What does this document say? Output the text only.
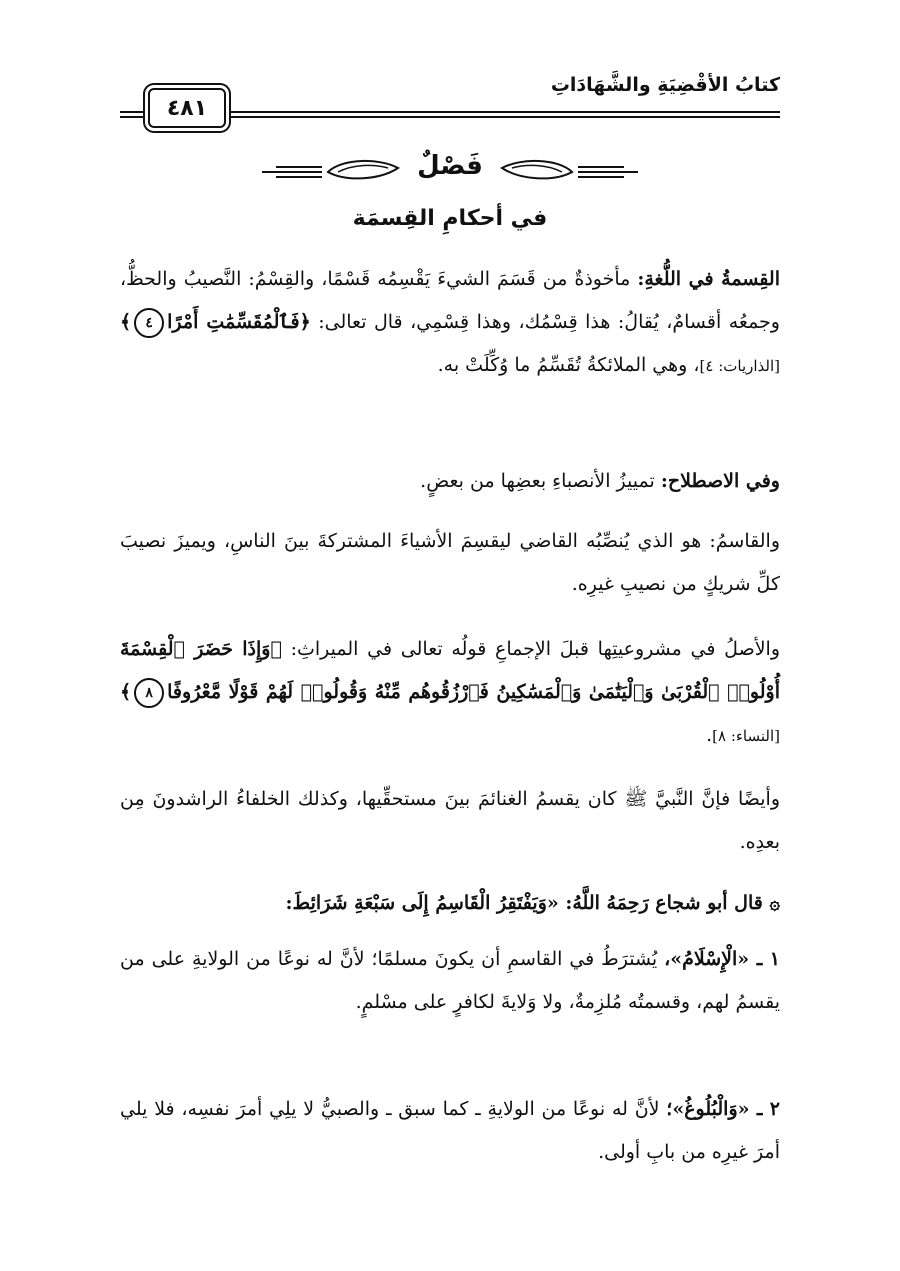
كتابُ الأقْضِيَةِ والشَّهَادَاتِ
٤٨١
فَصْلٌ
في أحكامِ القِسمَة
القِسمةُ في اللُّغةِ: مأخوذةٌ من قَسَمَ الشيءَ يَقْسِمُه قَسْمًا، والقِسْمُ: النَّصيبُ والحظُّ، وجمعُه أقسامٌ، يُقالُ: هذا قِسْمُك، وهذا قِسْمِي، قال تعالى: ﴿فَٱلْمُقَسِّمَٰتِ أَمْرًا٤﴾ [الذاريات: ٤]، وهي الملائكةُ تُقَسِّمُ ما وُكِّلَتْ به.
وفي الاصطلاح: تمييزُ الأنصباءِ بعضِها من بعضٍ.
والقاسمُ: هو الذي يُنصِّبُه القاضي ليقسِمَ الأشياءَ المشتركةَ بينَ الناسِ، ويميزَ نصيبَ كلِّ شريكٍ من نصيبِ غيرِه.
والأصلُ في مشروعيتِها قبلَ الإجماعِ قولُه تعالى في الميراثِ: ﴿وَإِذَا حَضَرَ ٱلْقِسْمَةَ أُوْلُوا۟ ٱلْقُرْبَىٰ وَٱلْيَتَٰمَىٰ وَٱلْمَسَٰكِينُ فَٱرْزُقُوهُم مِّنْهُ وَقُولُوا۟ لَهُمْ قَوْلًا مَّعْرُوفًا٨﴾ [النساء: ٨].
وأيضًا فإنَّ النَّبيَّ ﷺ كان يقسمُ الغنائمَ بينَ مستحقِّيها، وكذلك الخلفاءُ الراشدونَ مِن بعدِه.
۞ قال أبو شجاع رَحِمَهُ اللَّهُ: «وَيَفْتَقِرُ الْقَاسِمُ إِلَى سَبْعَةِ شَرَائِطَ:
١ ـ «الْإِسْلَامُ»، يُشترَطُ في القاسمِ أن يكونَ مسلمًا؛ لأنَّ له نوعًا من الولايةِ على من يقسمُ لهم، وقسمتُه مُلزِمةٌ، ولا وَلايةَ لكافرٍ على مسْلمٍ.
٢ ـ «وَالْبُلُوغُ»؛ لأنَّ له نوعًا من الولايةِ ـ كما سبق ـ والصبيُّ لا يلِي أمرَ نفسِه، فلا يلي أمرَ غيرِه من بابِ أولى.
